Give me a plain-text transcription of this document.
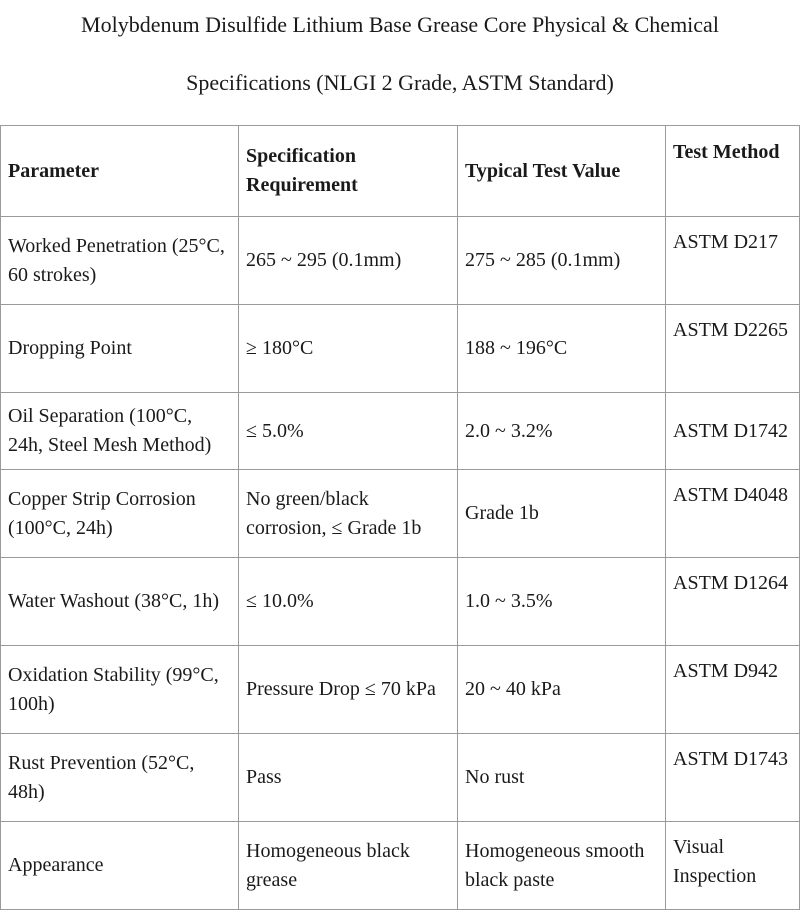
Molybdenum Disulfide Lithium Base Grease Core Physical & Chemical
Specifications (NLGI 2 Grade, ASTM Standard)
Parameter	Specification Requirement	Typical Test Value	Test Method
Worked Penetration (25°C, 60 strokes)	265 ~ 295 (0.1mm)	275 ~ 285 (0.1mm)	ASTM D217
Dropping Point	≥ 180°C	188 ~ 196°C	ASTM D2265
Oil Separation (100°C, 24h, Steel Mesh Method)	≤ 5.0%	2.0 ~ 3.2%	ASTM D1742
Copper Strip Corrosion (100°C, 24h)	No green/black corrosion, ≤ Grade 1b	Grade 1b	ASTM D4048
Water Washout (38°C, 1h)	≤ 10.0%	1.0 ~ 3.5%	ASTM D1264
Oxidation Stability (99°C, 100h)	Pressure Drop ≤ 70 kPa	20 ~ 40 kPa	ASTM D942
Rust Prevention (52°C, 48h)	Pass	No rust	ASTM D1743
Appearance	Homogeneous black grease	Homogeneous smooth black paste	Visual Inspection
